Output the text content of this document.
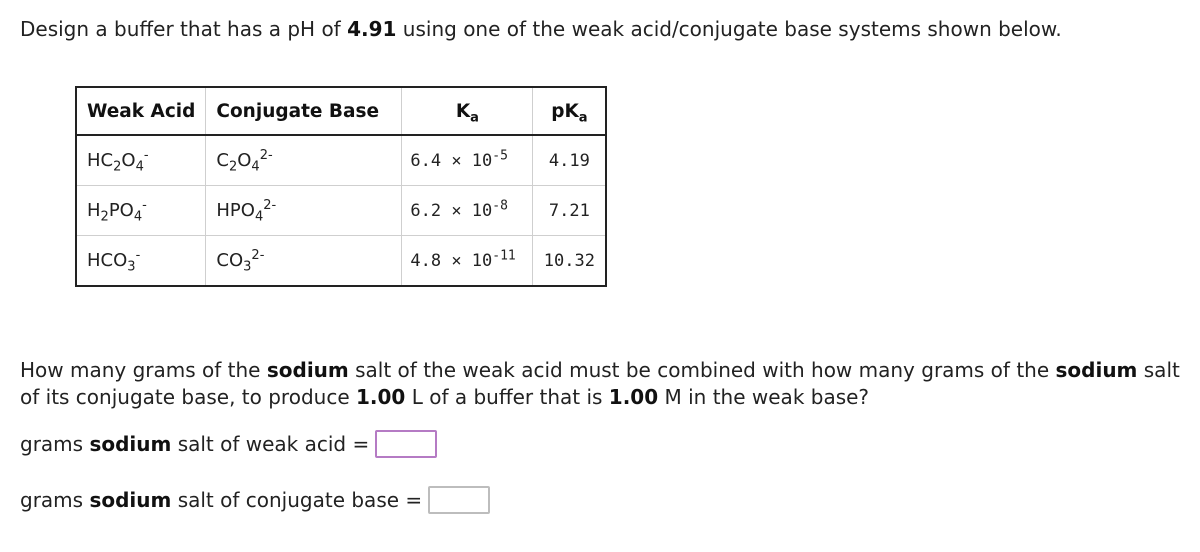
Design a buffer that has a pH of 4.91 using one of the weak acid/conjugate base systems shown below.

Weak Acid	Conjugate Base	$K_a$	$pK_a$
$HC_2O_4^-$	$C_2O_4^{2-}$	$6.4 \times 10^{-5}$	4.19
$H_2PO_4^-$	$HPO_4^{2-}$	$6.2 \times 10^{-8}$	7.21
$HCO_3^-$	$CO_3^{2-}$	$4.8 \times 10^{-11}$	10.32

How many grams of the sodium salt of the weak acid must be combined with how many grams of the sodium salt of its conjugate base, to produce 1.00 L of a buffer that is 1.00 M in the weak base?

grams sodium salt of weak acid =
grams sodium salt of conjugate base =
